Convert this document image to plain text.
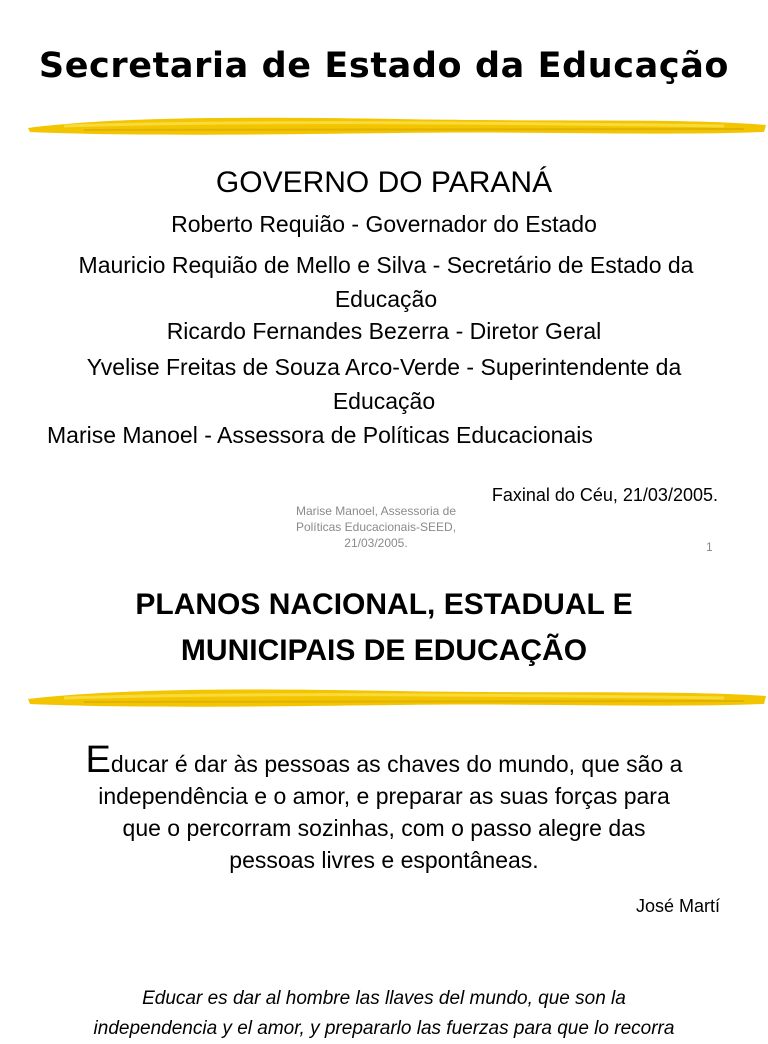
Secretaria de Estado da Educação
GOVERNO DO PARANÁ
Roberto Requião - Governador do Estado
Mauricio Requião de Mello e Silva - Secretário de Estado da Educação
Ricardo Fernandes Bezerra - Diretor Geral
Yvelise Freitas de Souza Arco-Verde - Superintendente da Educação
Marise Manoel - Assessora de Políticas Educacionais
Faxinal do Céu, 21/03/2005.
Marise Manoel, Assessoria de
Políticas Educacionais-SEED,
21/03/2005.	1
PLANOS NACIONAL, ESTADUAL E
MUNICIPAIS DE EDUCAÇÃO
Educar é dar às pessoas as chaves do mundo, que são a
independência e o amor, e preparar as suas forças para
que o percorram sozinhas, com o passo alegre das
pessoas livres e espontâneas.
José Martí
Educar es dar al hombre las llaves del mundo, que son la
independencia y el amor, y prepararlo las fuerzas para que lo recorra
